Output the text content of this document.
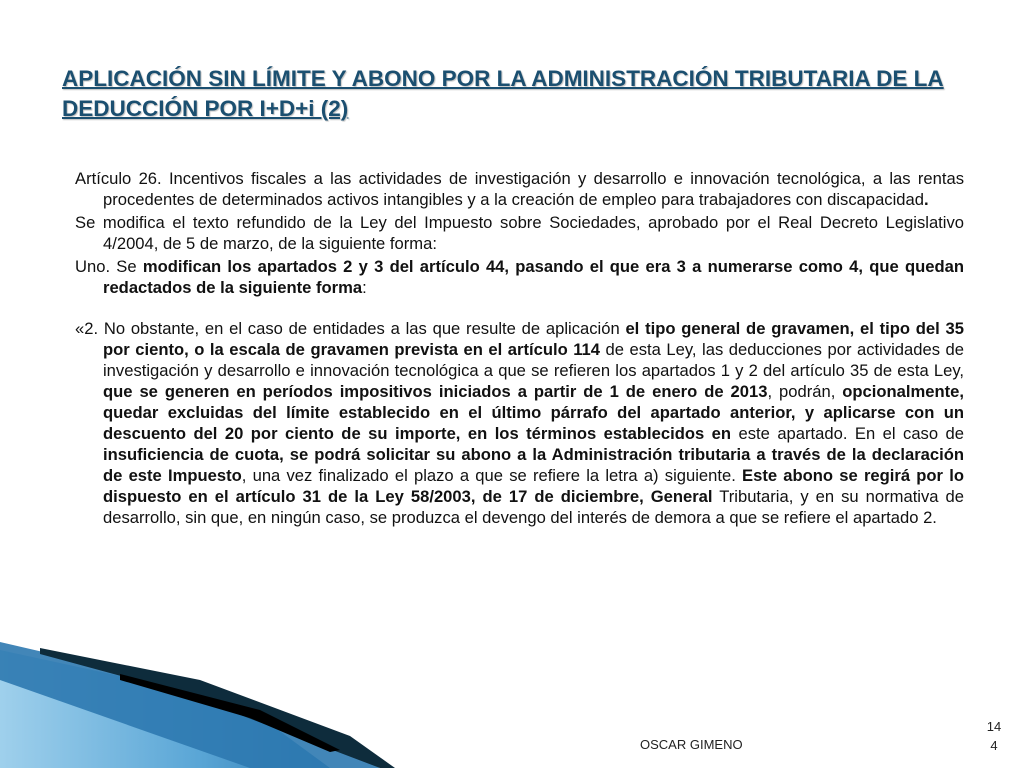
APLICACIÓN SIN LÍMITE Y ABONO POR LA ADMINISTRACIÓN TRIBUTARIA DE LA DEDUCCIÓN POR I+D+i (2)

Artículo 26. Incentivos fiscales a las actividades de investigación y desarrollo e innovación tecnológica, a las rentas procedentes de determinados activos intangibles y a la creación de empleo para trabajadores con discapacidad.

Se modifica el texto refundido de la Ley del Impuesto sobre Sociedades, aprobado por el Real Decreto Legislativo 4/2004, de 5 de marzo, de la siguiente forma:

Uno. Se modifican los apartados 2 y 3 del artículo 44, pasando el que era 3 a numerarse como 4, que quedan redactados de la siguiente forma:

«2. No obstante, en el caso de entidades a las que resulte de aplicación el tipo general de gravamen, el tipo del 35 por ciento, o la escala de gravamen prevista en el artículo 114 de esta Ley, las deducciones por actividades de investigación y desarrollo e innovación tecnológica a que se refieren los apartados 1 y 2 del artículo 35 de esta Ley, que se generen en períodos impositivos iniciados a partir de 1 de enero de 2013, podrán, opcionalmente, quedar excluidas del límite establecido en el último párrafo del apartado anterior, y aplicarse con un descuento del 20 por ciento de su importe, en los términos establecidos en este apartado. En el caso de insuficiencia de cuota, se podrá solicitar su abono a la Administración tributaria a través de la declaración de este Impuesto, una vez finalizado el plazo a que se refiere la letra a) siguiente. Este abono se regirá por lo dispuesto en el artículo 31 de la Ley 58/2003, de 17 de diciembre, General Tributaria, y en su normativa de desarrollo, sin que, en ningún caso, se produzca el devengo del interés de demora a que se refiere el apartado 2.

OSCAR GIMENO
14
4
